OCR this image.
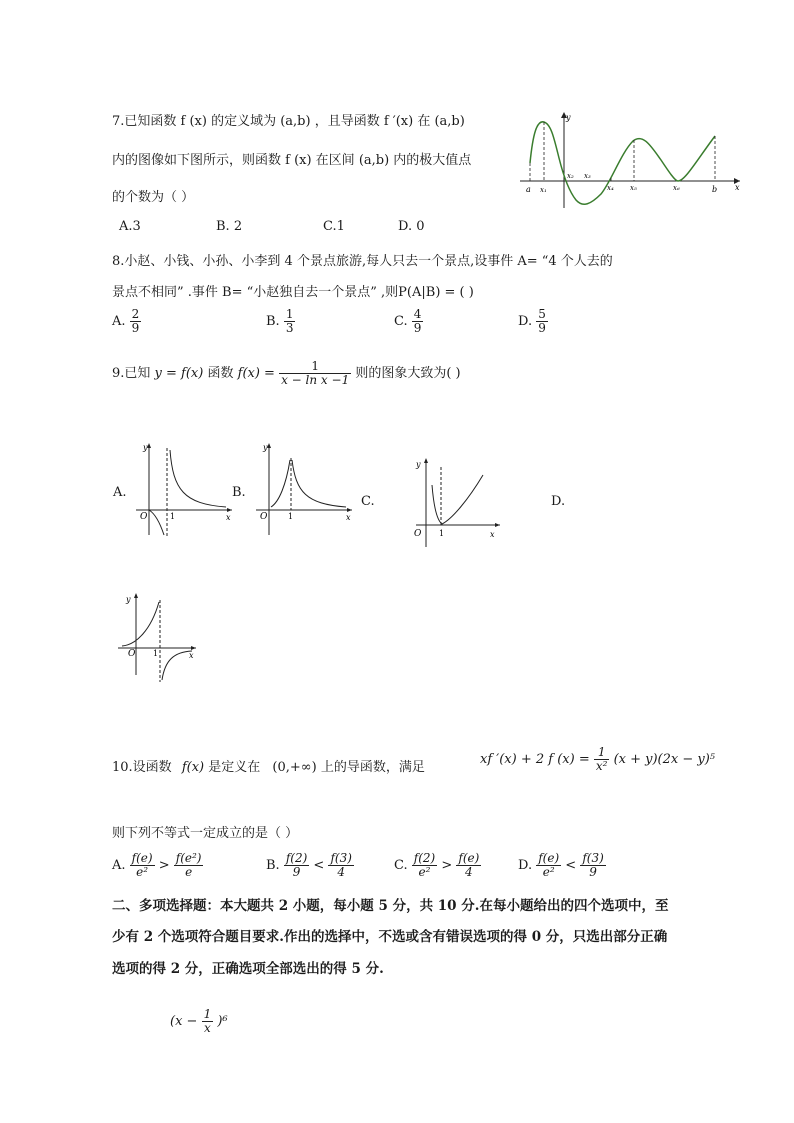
7.已知函数 f (x) 的定义域为 (a,b) ，且导函数 f ′(x) 在 (a,b)
内的图像如下图所示，则函数 f (x) 在区间 (a,b) 内的极大值点
的个数为（ ）
A.3	B. 2	C.1	D. 0
y
x
a x₁
x₂ x₃
x₄ x₅	x₆	b
8.小赵、小钱、小孙、小李到 4 个景点旅游,每人只去一个景点,设事件 A= “4 个人去的
景点不相同” .事件 B= “小赵独自去一个景点” ,则P(A|B) = ( )
A. $\frac{2}{9}$	B. $\frac{1}{3}$	C. $\frac{4}{9}$	D. $\frac{5}{9}$
9.已知 y = f(x) 函数 $f(x) = \frac{1}{\text{x − ln x −1}}$ 则的图象大致为( )
A.	B.
C.	D.
O	1
y
x	O	1
y
x
O 1
y
x
O 1
y
x
10.设函数 f(x) 是定义在 (0,+∞) 上的导函数，满足
xf ′(x) + 2 f $(x) = \frac{1}{\text{x²}} (x + y)(2x - y)^5$
则下列不等式一定成立的是（ ）
A. $\frac{f(e)}{\text{e²}} > \frac{\text{f(e²)}}{e}$	B. $\frac{f(2)}{9} < \frac{f(3)}{4}$	C. $\frac{f(2)}{\text{e²}} > \frac{f(e)}{4}$	D. $\frac{f(e)}{\text{e²}} < \frac{f(3)}{9}$
二、多项选择题：本大题共 2 小题，每小题 5 分，共 10 分.在每小题给出的四个选项中，至
少有 2 个选项符合题目要求.作出的选择中，不选或含有错误选项的得 0 分，只选出部分正确
选项的得 2 分，正确选项全部选出的得 5 分.
$(x - \frac{1}{x} )^6$
